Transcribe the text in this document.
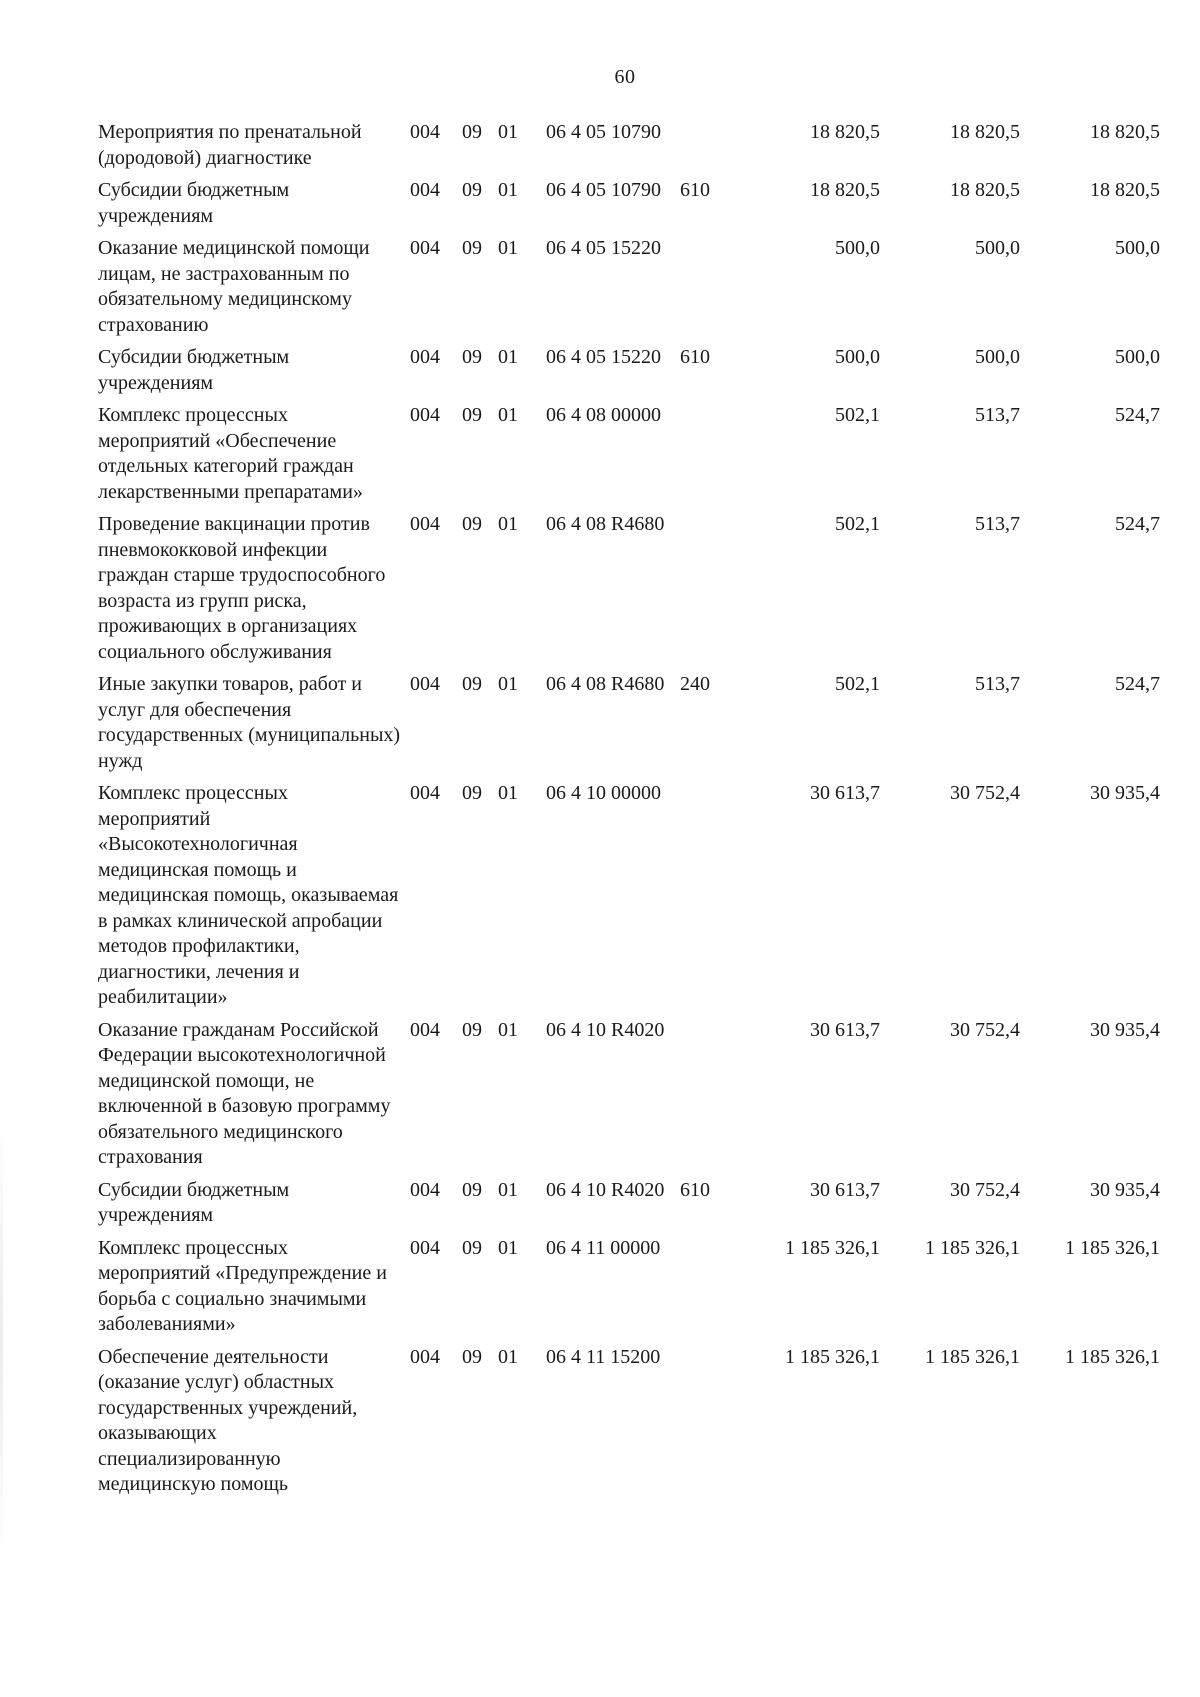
60
Мероприятия по пренатальной (дородовой) диагностике	004	09	01	06 4 05 10790		18 820,5	18 820,5	18 820,5
Субсидии бюджетным учреждениям	004	09	01	06 4 05 10790	610	18 820,5	18 820,5	18 820,5
Оказание медицинской помощи лицам, не застрахованным по обязательному медицинскому страхованию	004	09	01	06 4 05 15220		500,0	500,0	500,0
Субсидии бюджетным учреждениям	004	09	01	06 4 05 15220	610	500,0	500,0	500,0
Комплекс процессных мероприятий «Обеспечение отдельных категорий граждан лекарственными препаратами»	004	09	01	06 4 08 00000		502,1	513,7	524,7
Проведение вакцинации против пневмококковой инфекции граждан старше трудоспособного возраста из групп риска, проживающих в организациях социального обслуживания	004	09	01	06 4 08 R4680		502,1	513,7	524,7
Иные закупки товаров, работ и услуг для обеспечения государственных (муниципальных) нужд	004	09	01	06 4 08 R4680	240	502,1	513,7	524,7
Комплекс процессных мероприятий «Высокотехнологичная медицинская помощь и медицинская помощь, оказываемая в рамках клинической апробации методов профилактики, диагностики, лечения и реабилитации»	004	09	01	06 4 10 00000		30 613,7	30 752,4	30 935,4
Оказание гражданам Российской Федерации высокотехнологичной медицинской помощи, не включенной в базовую программу обязательного медицинского страхования	004	09	01	06 4 10 R4020		30 613,7	30 752,4	30 935,4
Субсидии бюджетным учреждениям	004	09	01	06 4 10 R4020	610	30 613,7	30 752,4	30 935,4
Комплекс процессных мероприятий «Предупреждение и борьба с социально значимыми заболеваниями»	004	09	01	06 4 11 00000		1 185 326,1	1 185 326,1	1 185 326,1
Обеспечение деятельности (оказание услуг) областных государственных учреждений, оказывающих специализированную медицинскую помощь	004	09	01	06 4 11 15200		1 185 326,1	1 185 326,1	1 185 326,1
